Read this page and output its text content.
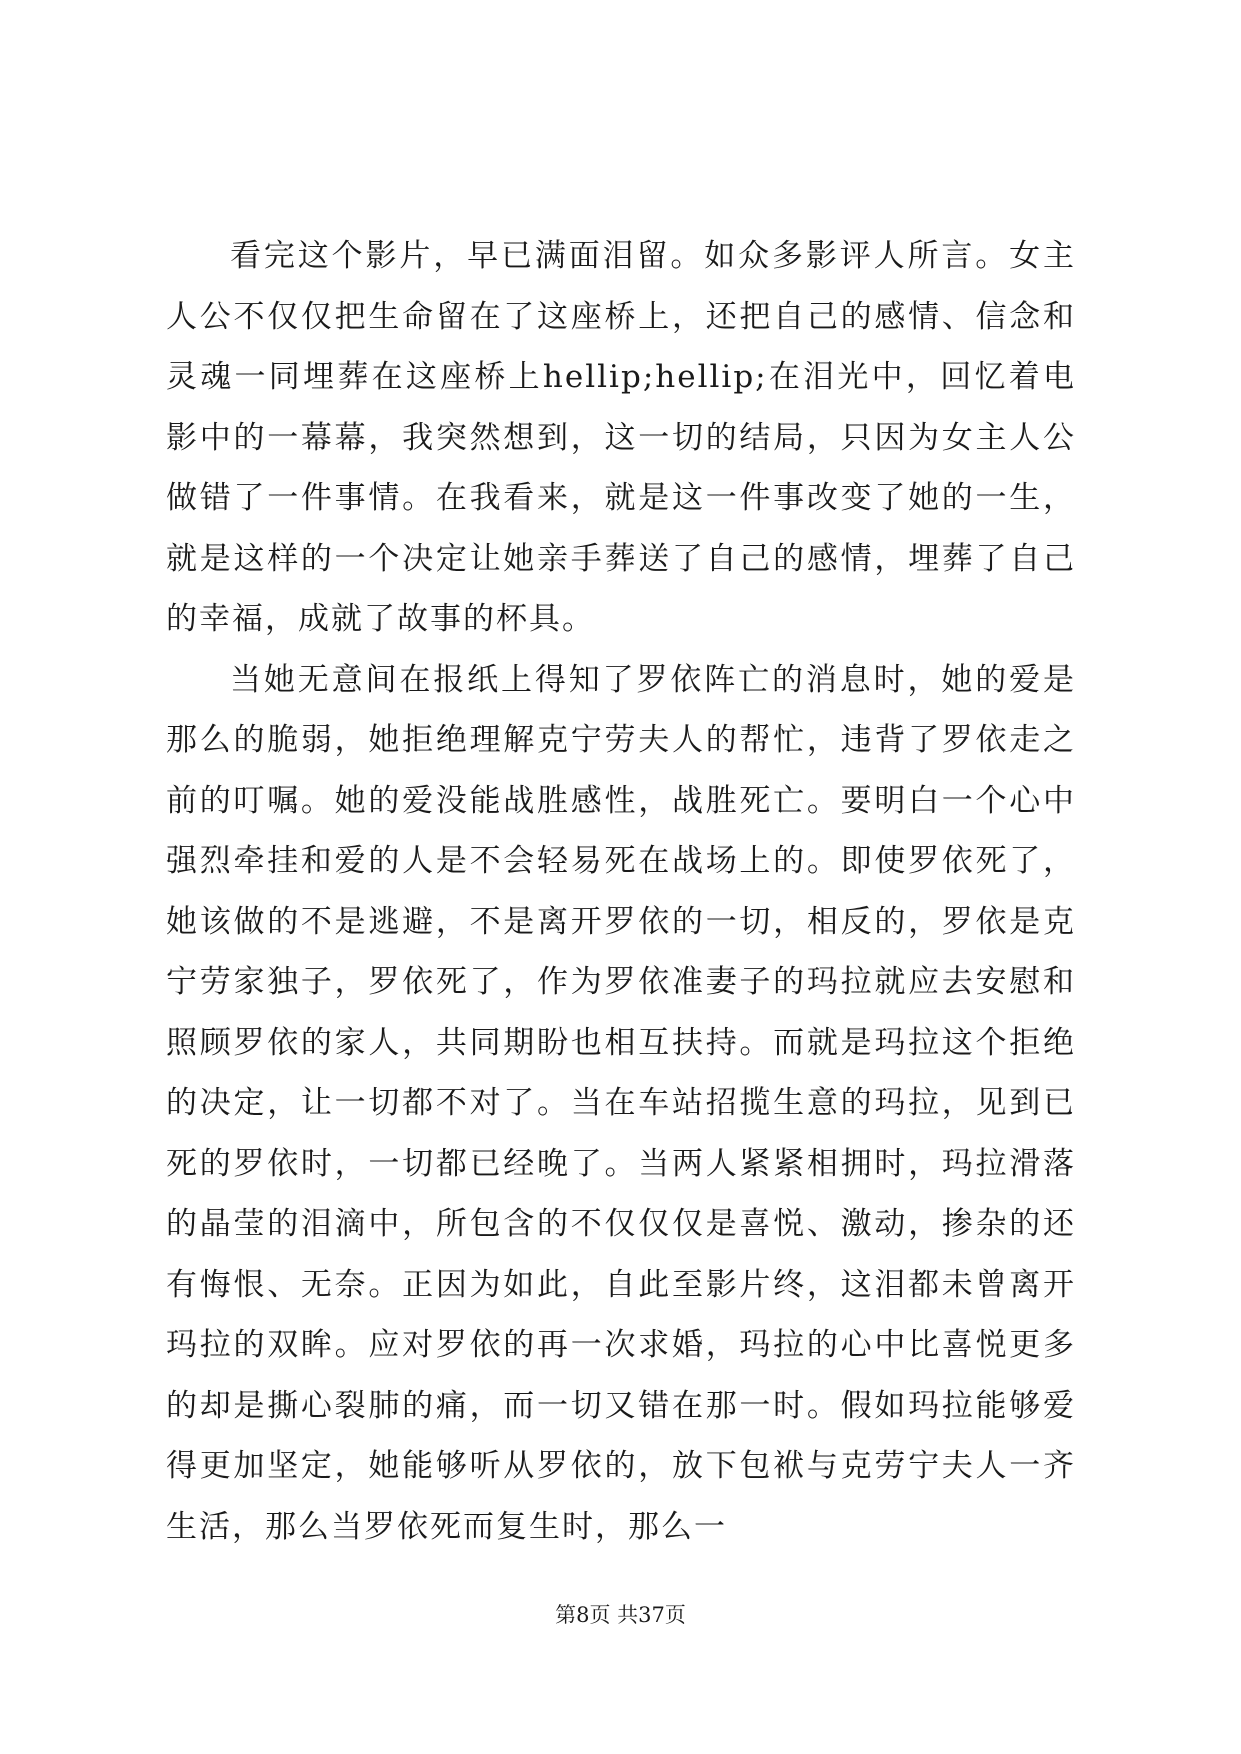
看完这个影片，早已满面泪留。如众多影评人所言。女主人公不仅仅把生命留在了这座桥上，还把自己的感情、信念和灵魂一同埋葬在这座桥上hellip;hellip;在泪光中，回忆着电影中的一幕幕，我突然想到，这一切的结局，只因为女主人公做错了一件事情。在我看来，就是这一件事改变了她的一生，就是这样的一个决定让她亲手葬送了自己的感情，埋葬了自己的幸福，成就了故事的杯具。

当她无意间在报纸上得知了罗依阵亡的消息时，她的爱是那么的脆弱，她拒绝理解克宁劳夫人的帮忙，违背了罗依走之前的叮嘱。她的爱没能战胜感性，战胜死亡。要明白一个心中强烈牵挂和爱的人是不会轻易死在战场上的。即使罗依死了，她该做的不是逃避，不是离开罗依的一切，相反的，罗依是克宁劳家独子，罗依死了，作为罗依准妻子的玛拉就应去安慰和照顾罗依的家人，共同期盼也相互扶持。而就是玛拉这个拒绝的决定，让一切都不对了。当在车站招揽生意的玛拉，见到已死的罗依时，一切都已经晚了。当两人紧紧相拥时，玛拉滑落的晶莹的泪滴中，所包含的不仅仅仅是喜悦、激动，掺杂的还有悔恨、无奈。正因为如此，自此至影片终，这泪都未曾离开玛拉的双眸。应对罗依的再一次求婚，玛拉的心中比喜悦更多的却是撕心裂肺的痛，而一切又错在那一时。假如玛拉能够爱得更加坚定，她能够听从罗依的，放下包袱与克劳宁夫人一齐生活，那么当罗依死而复生时，那么一

第8页 共37页
